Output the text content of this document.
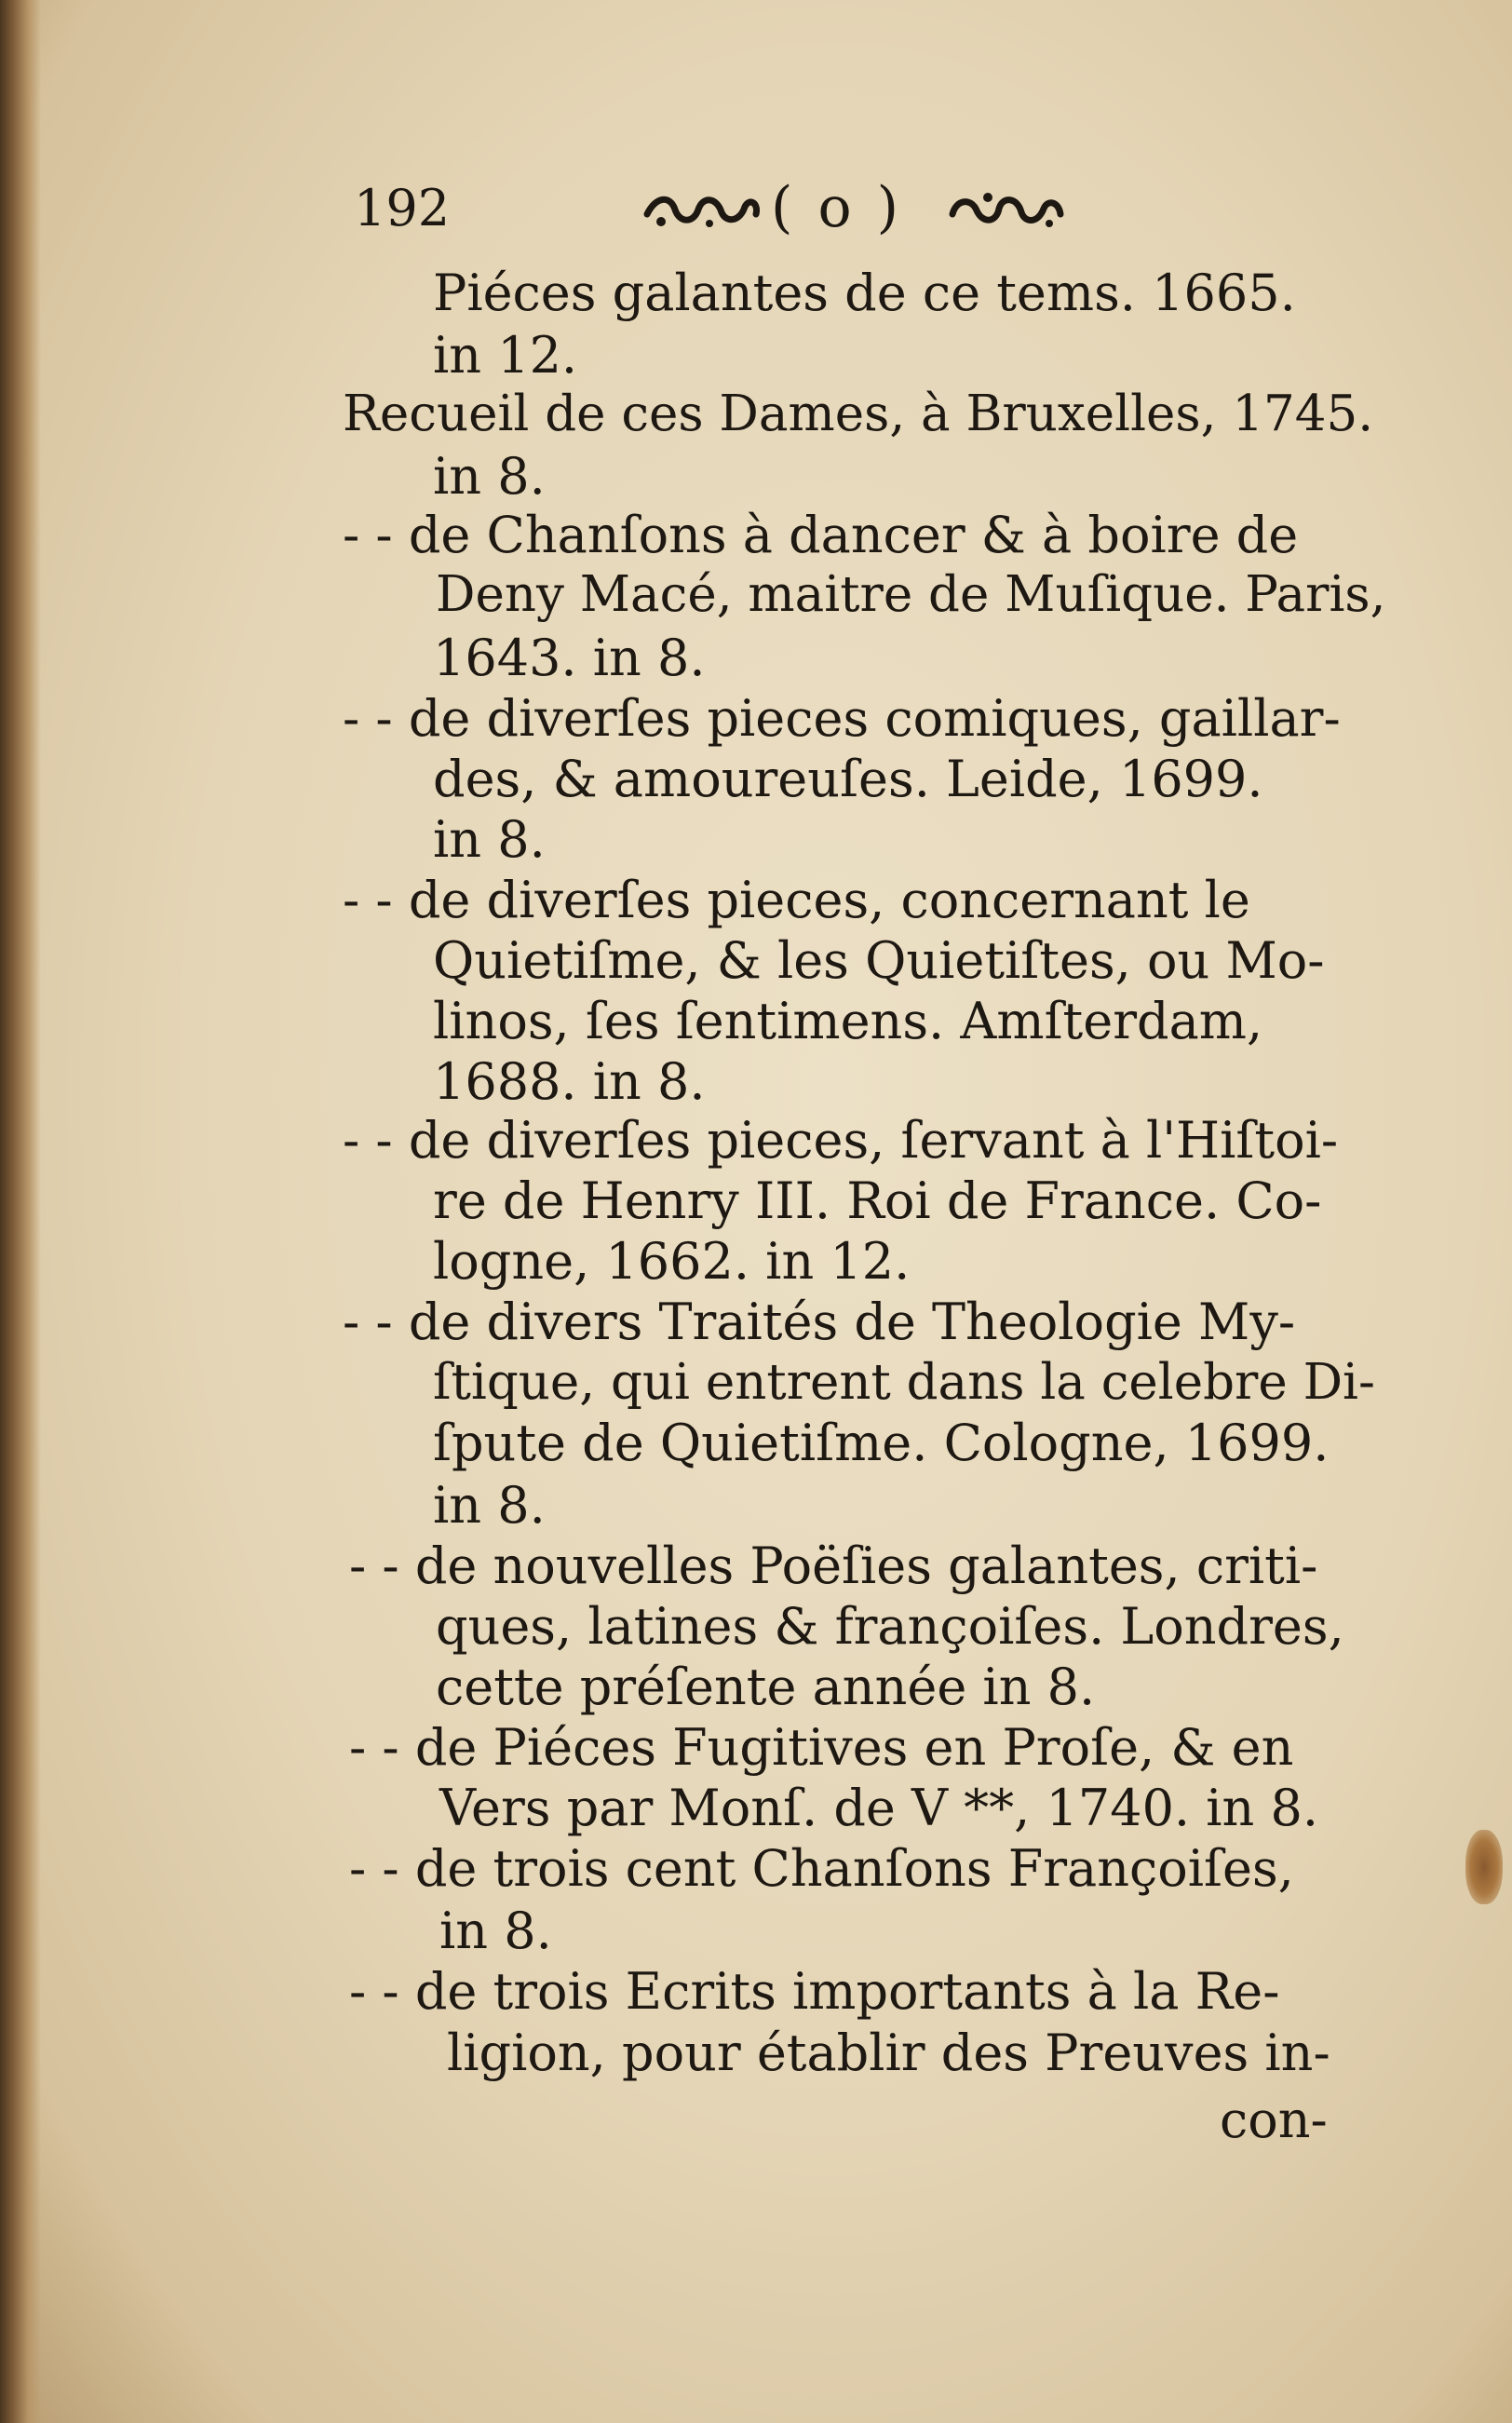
192	( o )
Piéces galantes de ce tems. 1665.
in 12.
Recueil de ces Dames, à Bruxelles, 1745.
in 8.
- - de Chanſons à dancer & à boire de
Deny Macé, maitre de Muſique. Paris,
1643. in 8.
- - de diverſes pieces comiques, gaillar-
des, & amoureuſes. Leide, 1699.
in 8.
- - de diverſes pieces, concernant le
Quietiſme, & les Quietiſtes, ou Mo-
linos, ſes ſentimens. Amſterdam,
1688. in 8.
- - de diverſes pieces, ſervant à l'Hiſtoi-
re de Henry III. Roi de France. Co-
logne, 1662. in 12.
- - de divers Traités de Theologie My-
ſtique, qui entrent dans la celebre Di-
ſpute de Quietiſme. Cologne, 1699.
in 8.
- - de nouvelles Poëſies galantes, criti-
ques, latines & françoiſes. Londres,
cette préſente année in 8.
- - de Piéces Fugitives en Proſe, & en
Vers par Monſ. de V **, 1740. in 8.
- - de trois cent Chanſons Françoiſes,
in 8.
- - de trois Ecrits importants à la Re-
ligion, pour établir des Preuves in-
con-
